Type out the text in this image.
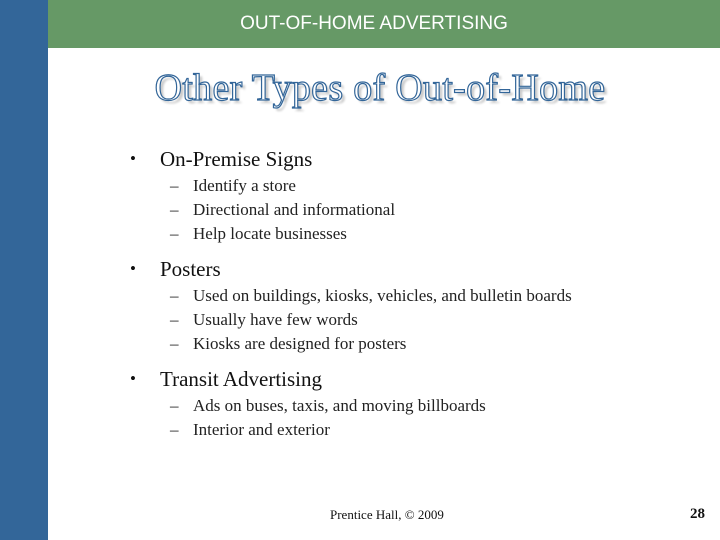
OUT-OF-HOME ADVERTISING
Other Types of Out-of-Home
• On-Premise Signs
– Identify a store
– Directional and informational
– Help locate businesses
• Posters
– Used on buildings, kiosks, vehicles, and bulletin boards
– Usually have few words
– Kiosks are designed for posters
• Transit Advertising
– Ads on buses, taxis, and moving billboards
– Interior and exterior
Prentice Hall, © 2009	28
